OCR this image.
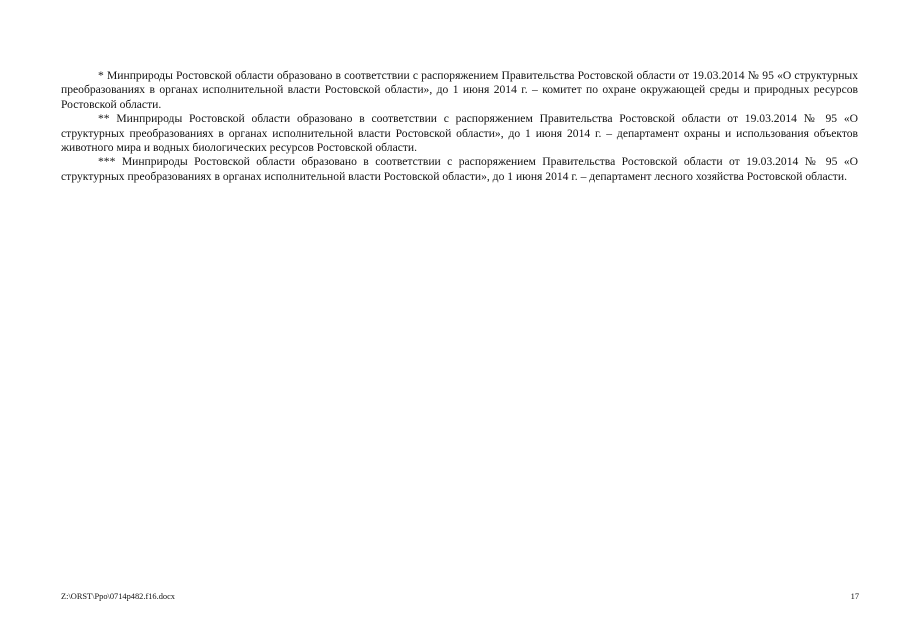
* Минприроды Ростовской области образовано в соответствии с распоряжением Правительства Ростовской области от 19.03.2014 № 95 «О структурных преобразованиях в органах исполнительной власти Ростовской области», до 1 июня 2014 г. – комитет по охране окружающей среды и природных ресурсов Ростовской области.

** Минприроды Ростовской области образовано в соответствии с распоряжением Правительства Ростовской области от 19.03.2014 № 95 «О структурных преобразованиях в органах исполнительной власти Ростовской области», до 1 июня 2014 г. – департамент охраны и использования объектов животного мира и водных биологических ресурсов Ростовской области.

*** Минприроды Ростовской области образовано в соответствии с распоряжением Правительства Ростовской области от 19.03.2014 № 95 «О структурных преобразованиях в органах исполнительной власти Ростовской области», до 1 июня 2014 г. – департамент лесного хозяйства Ростовской области.

Z:\ORST\Ppo\0714p482.f16.docx	17
